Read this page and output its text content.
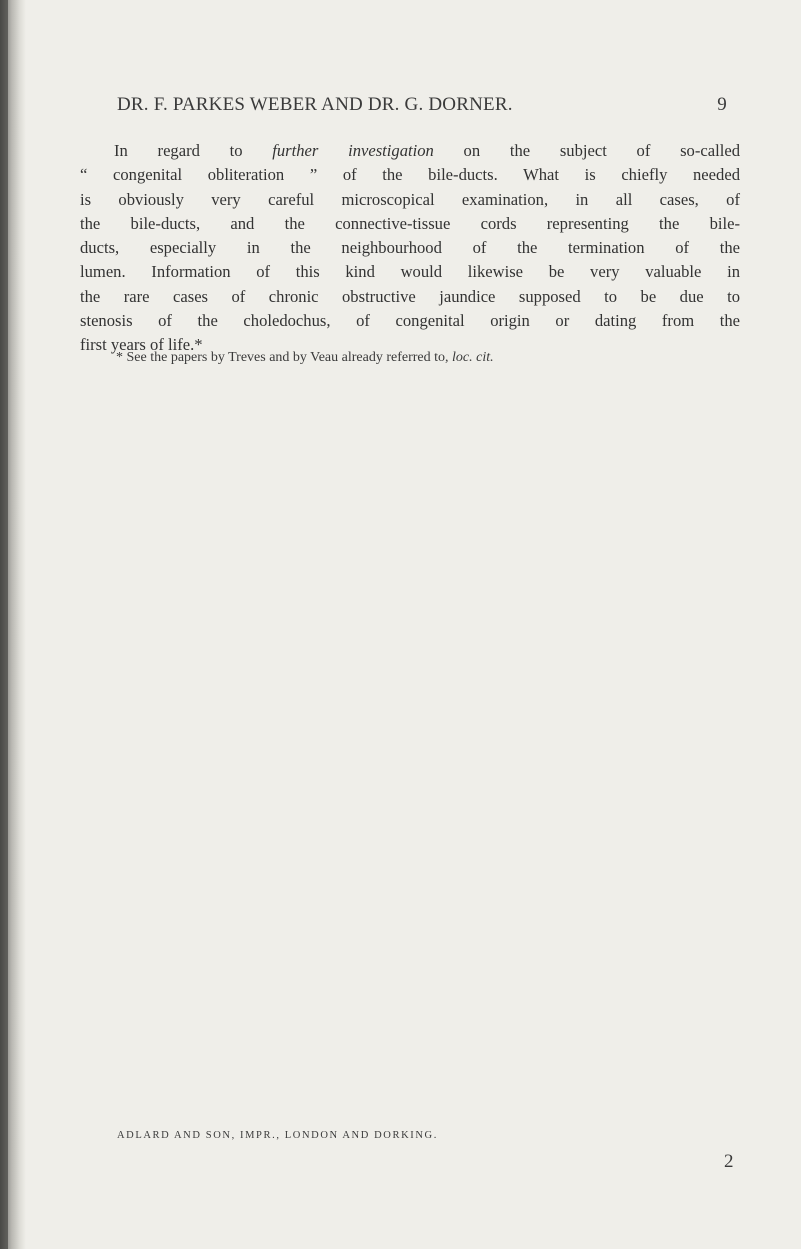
DR. F. PARKES WEBER AND DR. G. DORNER.	9
In regard to further investigation on the subject of so-called
“ congenital obliteration ” of the bile-ducts. What is chiefly needed
is obviously very careful microscopical examination, in all cases, of
the bile-ducts, and the connective-tissue cords representing the bile-
ducts, especially in the neighbourhood of the termination of the
lumen. Information of this kind would likewise be very valuable in
the rare cases of chronic obstructive jaundice supposed to be due to
stenosis of the choledochus, of congenital origin or dating from the
first years of life.*
* See the papers by Treves and by Veau already referred to, loc. cit.
ADLARD AND SON, IMPR., LONDON AND DORKING.
2
